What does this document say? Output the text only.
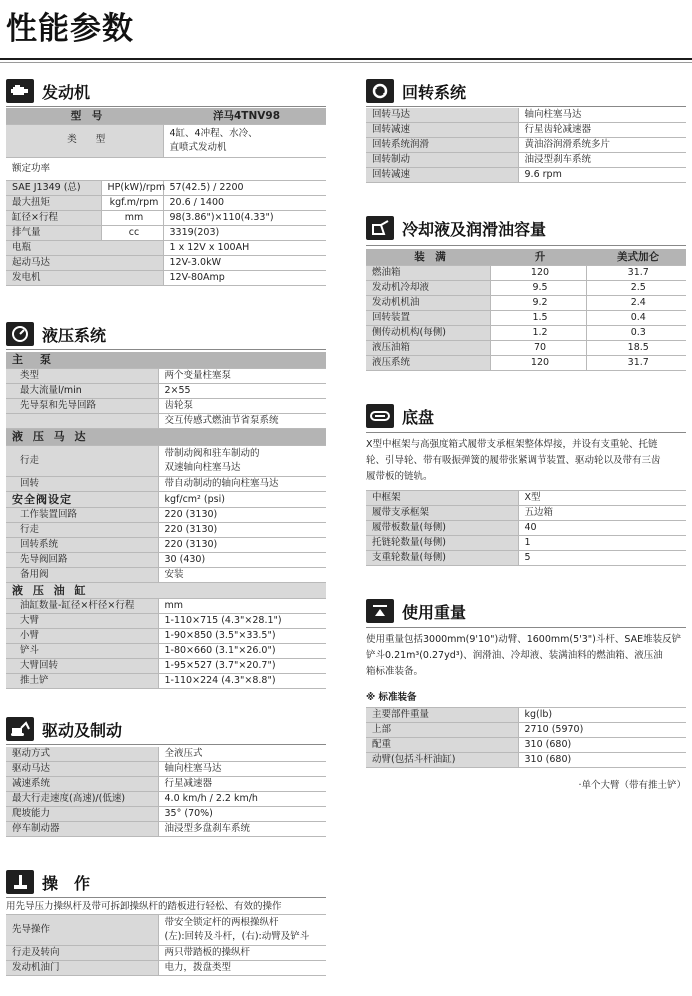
性能参数
发动机
型　号		洋马4TNV98
类　　型		4缸、4冲程、水冷、
直喷式发动机

额定功率		
SAE J1349 (总)	HP(kW)/rpm	57(42.5) / 2200
最大扭矩	kgf.m/rpm	20.6 / 1400
缸径×行程	mm	98(3.86")×110(4.33")
排气量	cc	3319(203)
电瓶		1 x 12V x 100AH
起动马达		12V-3.0kW
发电机		12V-80Amp
液压系统
主　泵	
类型	两个变量柱塞泵
最大流量l/min	2×55
先导泵和先导回路	齿轮泵
	交互传感式燃油节省泵系统
液 压 马 达	
行走	带制动阀和驻车制动的
双速轴向柱塞马达

回转	带自动制动的轴向柱塞马达
安全阀设定	kgf/cm² (psi)
工作装置回路	220 (3130)
行走	220 (3130)
回转系统	220 (3130)
先导阀回路	30 (430)
备用阀	安装
液 压 油 缸	
油缸数量-缸径×杆径×行程	mm
大臂	1-110×715 (4.3"×28.1")
小臂	1-90×850 (3.5"×33.5")
铲斗	1-80×660 (3.1"×26.0")
大臂回转	1-95×527 (3.7"×20.7")
推土铲	1-110×224 (4.3"×8.8")
驱动及制动
驱动方式	全液压式
驱动马达	轴向柱塞马达
减速系统	行星减速器
最大行走速度(高速)/(低速)	4.0 km/h / 2.2 km/h
爬坡能力	35° (70%)
停车制动器	油浸型多盘刹车系统
操　作
用先导压力操纵杆及带可拆卸操纵杆的踏板进行轻松、有效的操作
先导操作	带安全锁定杆的两根操纵杆
(左):回转及斗杆，(右):动臂及铲斗

行走及转向	两只带踏板的操纵杆
发动机油门	电力，拨盘类型
回转系统
回转马达	轴向柱塞马达
回转减速	行星齿轮减速器
回转系统润滑	黄油浴润滑系统多片
回转制动	油浸型刹车系统
回转减速	9.6 rpm
冷却液及润滑油容量
装　满	升	美式加仑
燃油箱	120	31.7
发动机冷却液	9.5	2.5
发动机机油	9.2	2.4
回转装置	1.5	0.4
侧传动机构(每侧)	1.2	0.3
液压油箱	70	18.5
液压系统	120	31.7
底盘
X型中框架与高强度箱式履带支承框架整体焊接，并设有支重轮、托链
轮、引导轮、带有吸振弹簧的履带张紧调节装置、驱动轮以及带有三齿
履带板的链轨。
中框架	X型
履带支承框架	五边箱
履带板数量(每侧)	40
托链轮数量(每侧)	1
支重轮数量(每侧)	5
使用重量
使用重量包括3000mm(9'10")动臂、1600mm(5'3")斗杆、SAE堆装反铲
铲斗0.21m³(0.27yd³)、润滑油、冷却液、装满油料的燃油箱、液压油
箱标准装备。
※ 标准装备
主要部件重量	kg(lb)
上部	2710 (5970)
配重	310 (680)
动臂(包括斗杆油缸)	310 (680)
·单个大臂（带有推土铲）
